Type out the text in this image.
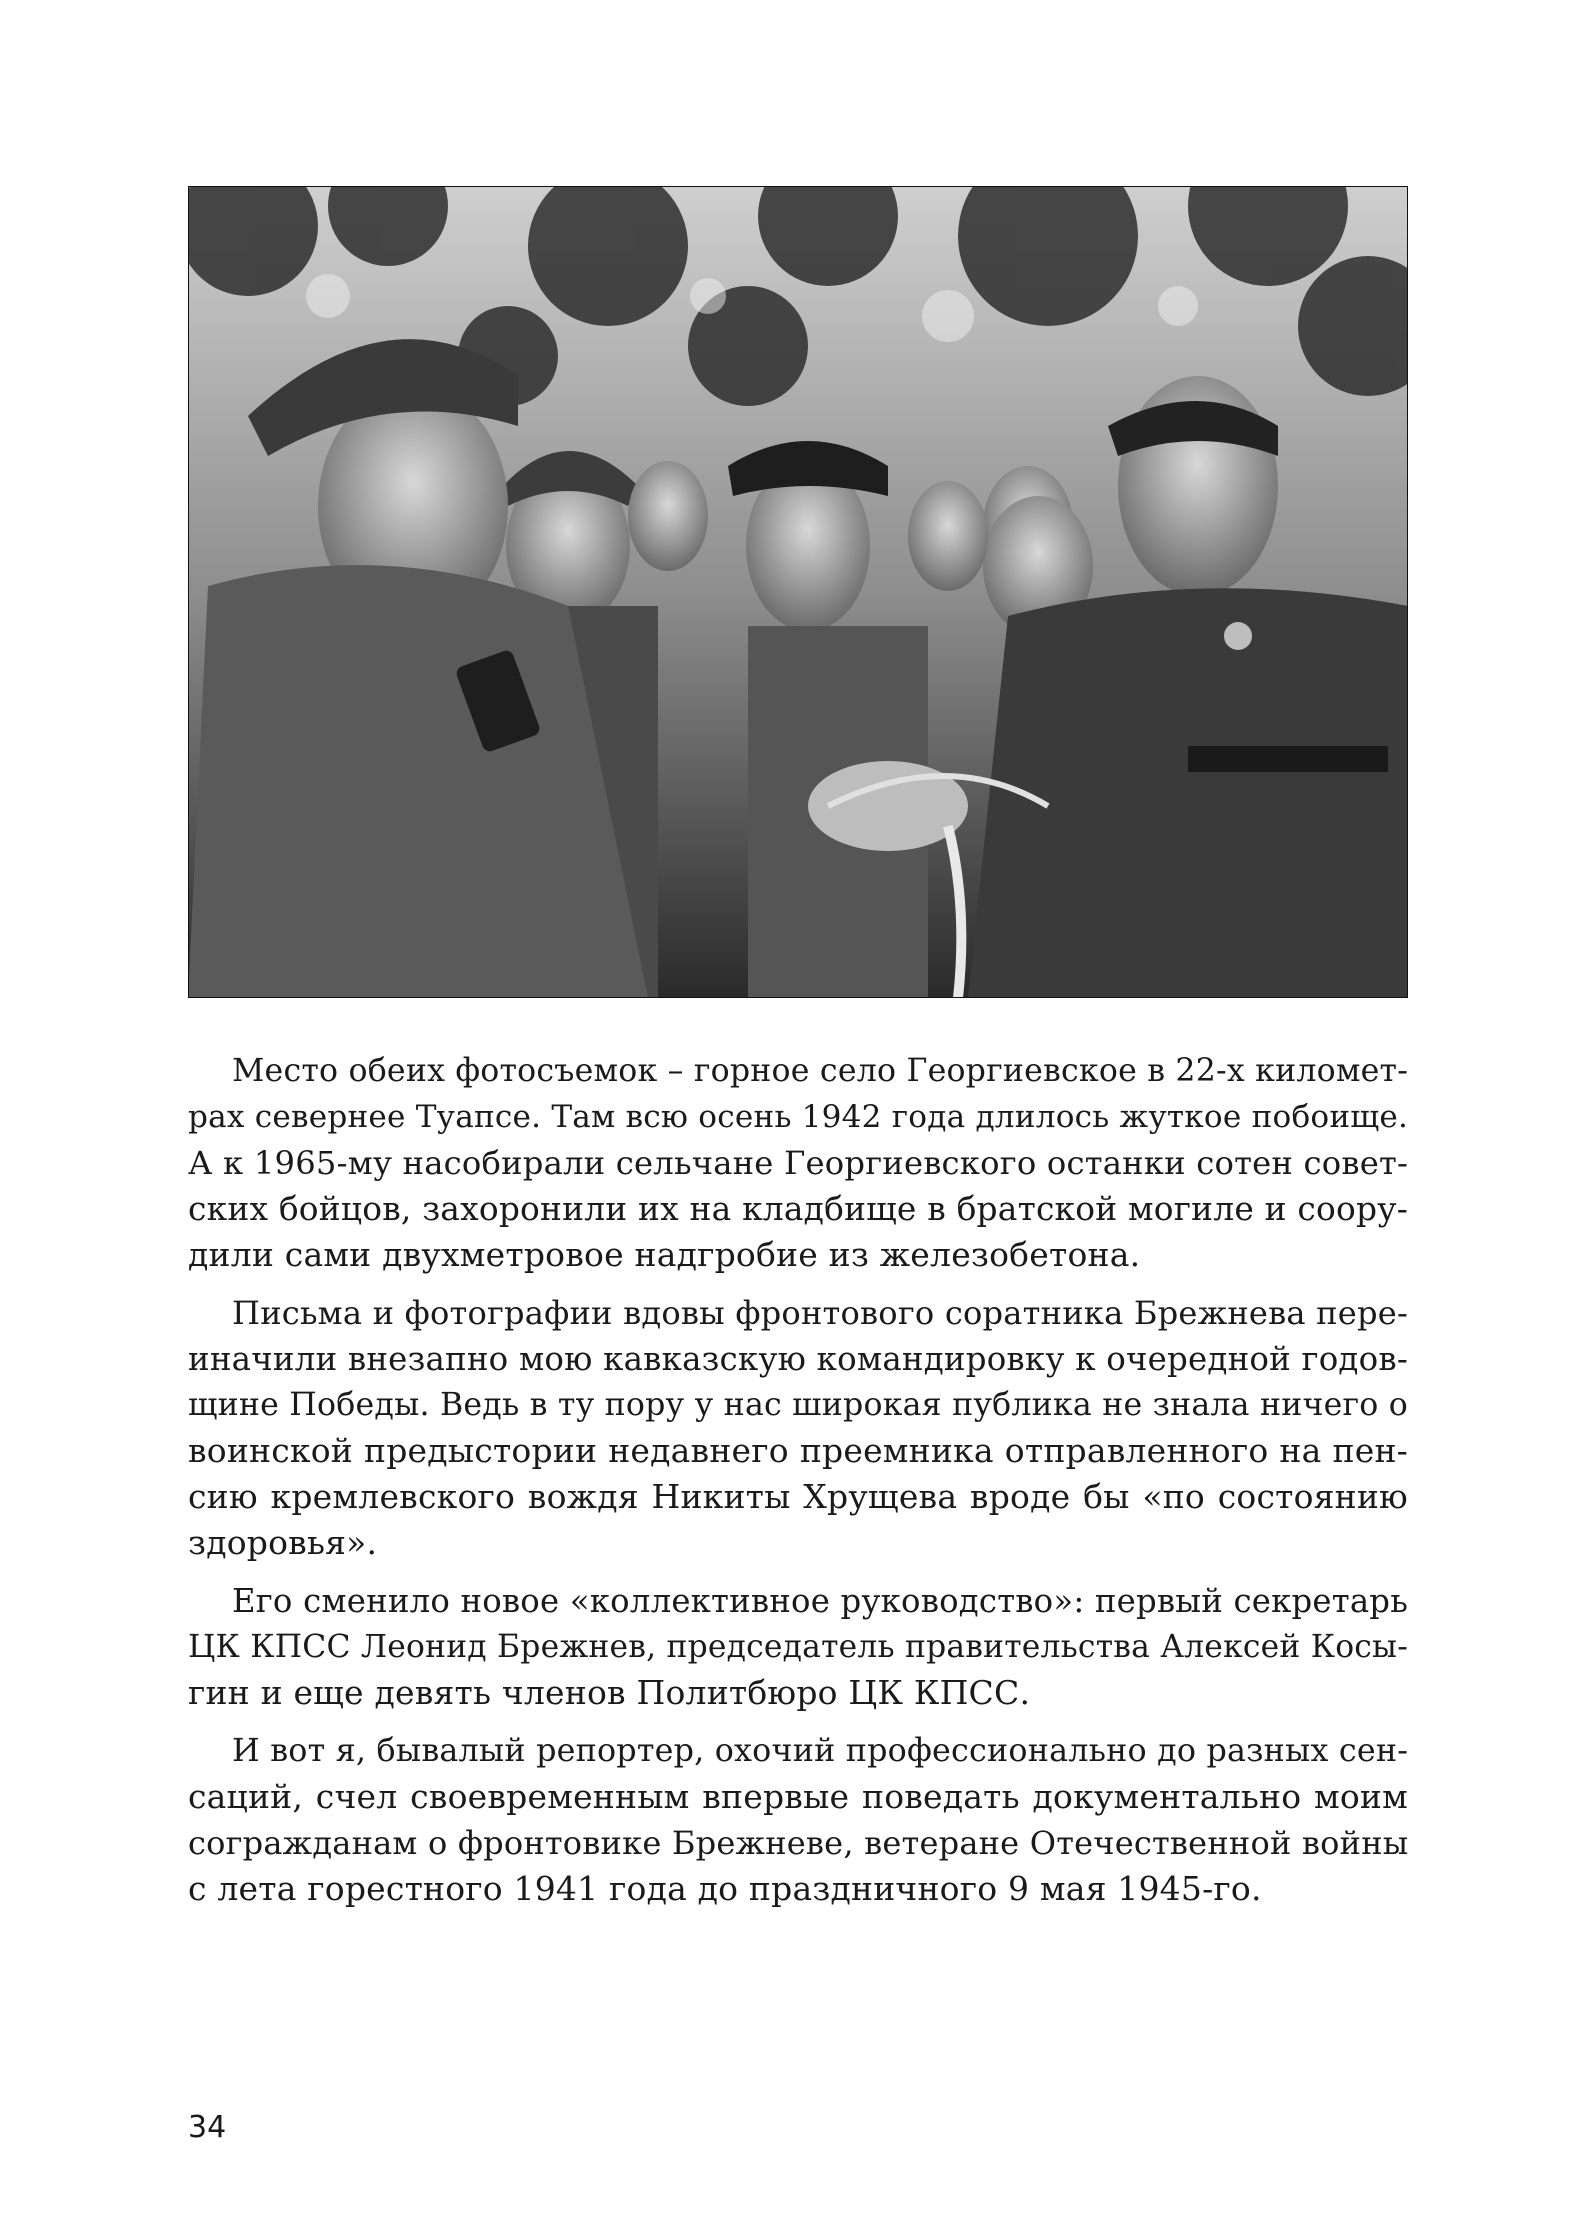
Место обеих фотосъемок – горное село Георгиевское в 22-х километ-
рах севернее Туапсе. Там всю осень 1942 года длилось жуткое побоище.
А к 1965-му насобирали сельчане Георгиевского останки сотен совет-
ских бойцов, захоронили их на кладбище в братской могиле и соору-
дили сами двухметровое надгробие из железобетона.

Письма и фотографии вдовы фронтового соратника Брежнева пере-
иначили внезапно мою кавказскую командировку к очередной годов-
щине Победы. Ведь в ту пору у нас широкая публика не знала ничего о
воинской предыстории недавнего преемника отправленного на пен-
сию кремлевского вождя Никиты Хрущева вроде бы «по состоянию
здоровья».

Его сменило новое «коллективное руководство»: первый секретарь
ЦК КПСС Леонид Брежнев, председатель правительства Алексей Косы-
гин и еще девять членов Политбюро ЦК КПСС.

И вот я, бывалый репортер, охочий профессионально до разных сен-
саций, счел своевременным впервые поведать документально моим
согражданам о фронтовике Брежневе, ветеране Отечественной войны
с лета горестного 1941 года до праздничного 9 мая 1945-го.

34
